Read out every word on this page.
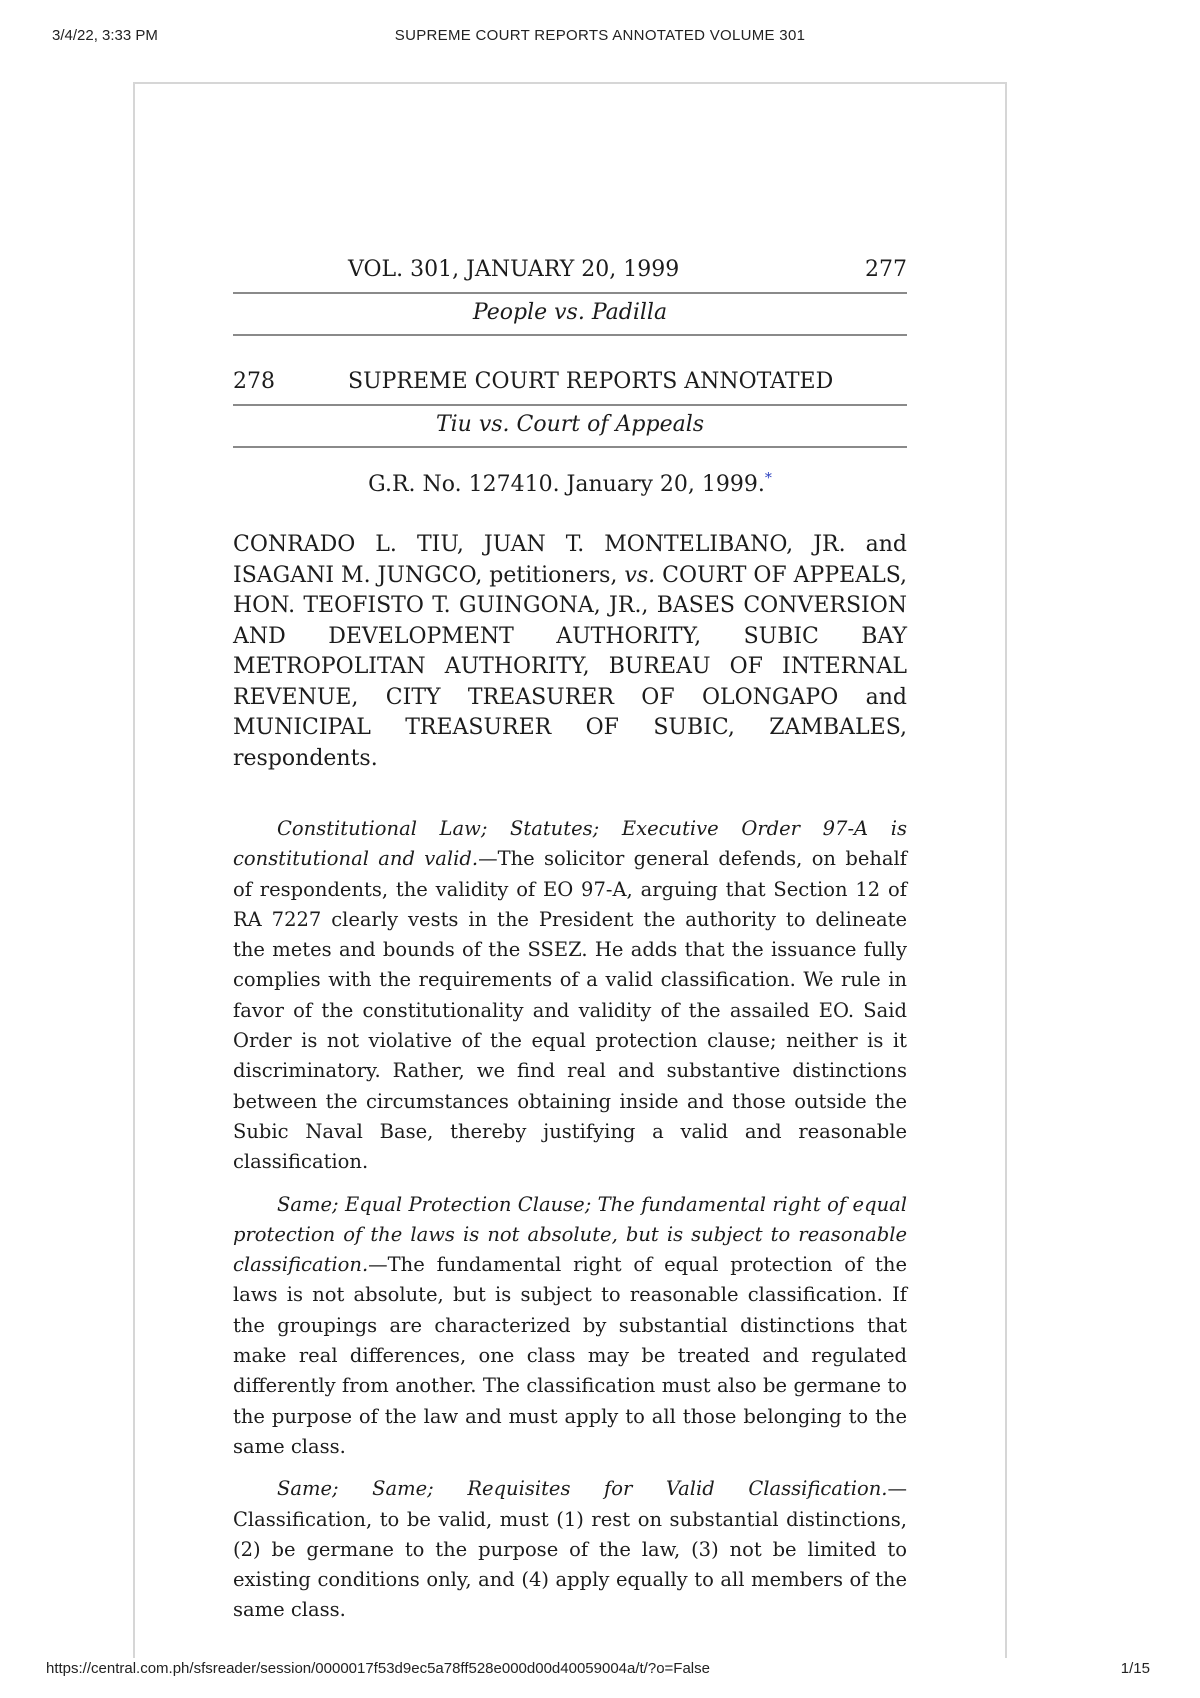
3/4/22, 3:33 PM	SUPREME COURT REPORTS ANNOTATED VOLUME 301
VOL. 301, JANUARY 20, 1999	277
People vs. Padilla
278	SUPREME COURT REPORTS ANNOTATED
Tiu vs. Court of Appeals
G.R. No. 127410. January 20, 1999.*
CONRADO L. TIU, JUAN T. MONTELIBANO, JR. and ISAGANI M. JUNGCO, petitioners, vs. COURT OF APPEALS, HON. TEOFISTO T. GUINGONA, JR., BASES CONVERSION AND DEVELOPMENT AUTHORITY, SUBIC BAY METROPOLITAN AUTHORITY, BUREAU OF INTERNAL REVENUE, CITY TREASURER OF OLONGAPO and MUNICIPAL TREASURER OF SUBIC, ZAMBALES, respondents.

Constitutional Law; Statutes; Executive Order 97-A is constitutional and valid.—The solicitor general defends, on behalf of respondents, the validity of EO 97-A, arguing that Section 12 of RA 7227 clearly vests in the President the authority to delineate the metes and bounds of the SSEZ. He adds that the issuance fully complies with the requirements of a valid classification. We rule in favor of the constitutionality and validity of the assailed EO. Said Order is not violative of the equal protection clause; neither is it discriminatory. Rather, we find real and substantive distinctions between the circumstances obtaining inside and those outside the Subic Naval Base, thereby justifying a valid and reasonable classification.

Same; Equal Protection Clause; The fundamental right of equal protection of the laws is not absolute, but is subject to reasonable classification.—The fundamental right of equal protection of the laws is not absolute, but is subject to reasonable classification. If the groupings are characterized by substantial distinctions that make real differences, one class may be treated and regulated differently from another. The classification must also be germane to the purpose of the law and must apply to all those belonging to the same class.

Same; Same; Requisites for Valid Classification.—Classification, to be valid, must (1) rest on substantial distinctions, (2) be germane to the purpose of the law, (3) not be limited to existing conditions only, and (4) apply equally to all members of the same class.

https://central.com.ph/sfsreader/session/0000017f53d9ec5a78ff528e000d00d40059004a/t/?o=False	1/15
